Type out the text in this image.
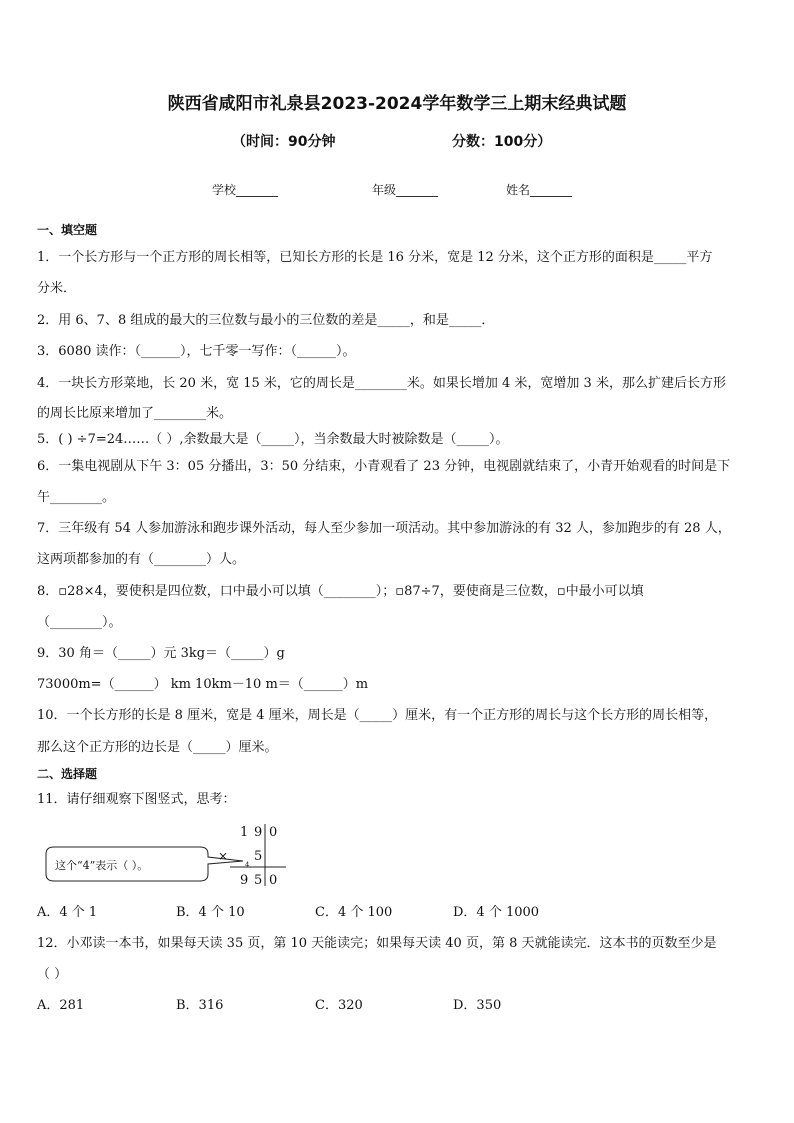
陕西省咸阳市礼泉县2023-2024学年数学三上期末经典试题
（时间：90分钟	分数：100分）
学校_______	年级_______	姓名_______
一、填空题
1．一个长方形与一个正方形的周长相等，已知长方形的长是 16 分米，宽是 12 分米，这个正方形的面积是_____平方
分米．
2．用 6、7、8 组成的最大的三位数与最小的三位数的差是_____，和是_____．
3．6080 读作：（______），七千零一写作：（______）。
4．一块长方形菜地，长 20 米，宽 15 米，它的周长是________米。如果长增加 4 米，宽增加 3 米，那么扩建后长方形
的周长比原来增加了________米。
5．( ) ÷7=24……（ ）,余数最大是（_____），当余数最大时被除数是（_____）。
6．一集电视剧从下午 3：05 分播出，3：50 分结束，小青观看了 23 分钟，电视剧就结束了，小青开始观看的时间是下
午________。
7．三年级有 54 人参加游泳和跑步课外活动，每人至少参加一项活动。其中参加游泳的有 32 人，参加跑步的有 28 人，
这两项都参加的有（________）人。
8．▫28×4，要使积是四位数，口中最小可以填（________）；▫87÷7，要使商是三位数，▫中最小可以填
（________）。
9．30 角＝（_____）元 3kg＝（_____）g
73000m=（______） km 10km－10 m＝（______）m
10．一个长方形的长是 8 厘米，宽是 4 厘米，周长是（_____）厘米，有一个正方形的周长与这个长方形的周长相等，
那么这个正方形的边长是（_____）厘米。
二、选择题
11．请仔细观察下图竖式，思考：
这个“4”表示（ ）。
1 9 0
× 5
4
9 5 0
A．4 个 1	B．4 个 10	C．4 个 100	D．4 个 1000
12．小邓读一本书，如果每天读 35 页，第 10 天能读完；如果每天读 40 页，第 8 天就能读完．这本书的页数至少是
（ ）
A．281	B．316	C．320	D．350
